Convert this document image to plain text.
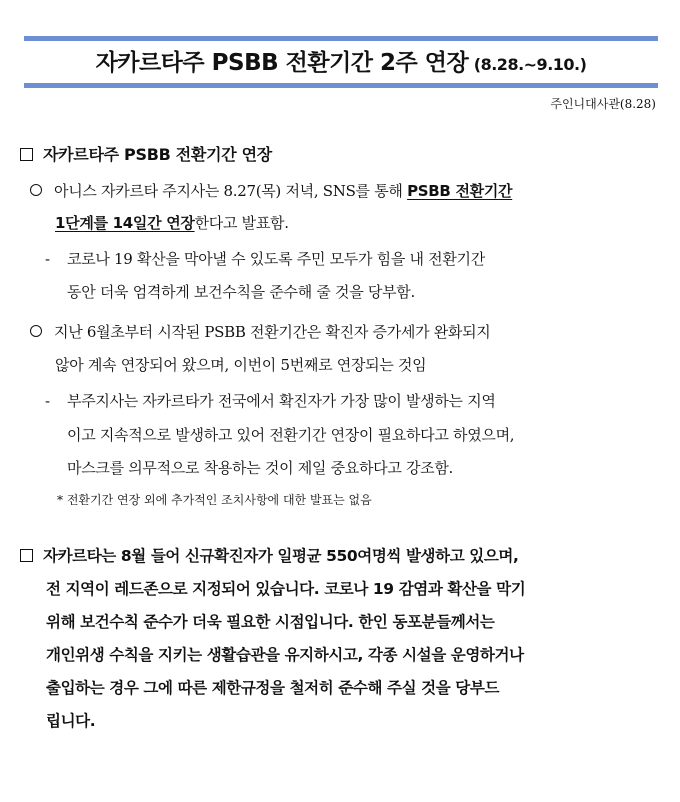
자카르타주 PSBB 전환기간 2주 연장 (8.28.~9.10.)
주인니대사관(8.28)
자카르타주 PSBB 전환기간 연장
아니스 자카르타 주지사는 8.27(목) 저녁, SNS를 통해 PSBB 전환기간
1단계를 14일간 연장한다고 발표함.
- 코로나 19 확산을 막아낼 수 있도록 주민 모두가 힘을 내 전환기간
동안 더욱 엄격하게 보건수칙을 준수해 줄 것을 당부함.
지난 6월초부터 시작된 PSBB 전환기간은 확진자 증가세가 완화되지
않아 계속 연장되어 왔으며, 이번이 5번째로 연장되는 것임
- 부주지사는 자카르타가 전국에서 확진자가 가장 많이 발생하는 지역
이고 지속적으로 발생하고 있어 전환기간 연장이 필요하다고 하였으며,
마스크를 의무적으로 착용하는 것이 제일 중요하다고 강조함.
* 전환기간 연장 외에 추가적인 조치사항에 대한 발표는 없음
자카르타는 8월 들어 신규확진자가 일평균 550여명씩 발생하고 있으며,
전 지역이 레드존으로 지정되어 있습니다. 코로나 19 감염과 확산을 막기
위해 보건수칙 준수가 더욱 필요한 시점입니다. 한인 동포분들께서는
개인위생 수칙을 지키는 생활습관을 유지하시고, 각종 시설을 운영하거나
출입하는 경우 그에 따른 제한규정을 철저히 준수해 주실 것을 당부드
립니다.
